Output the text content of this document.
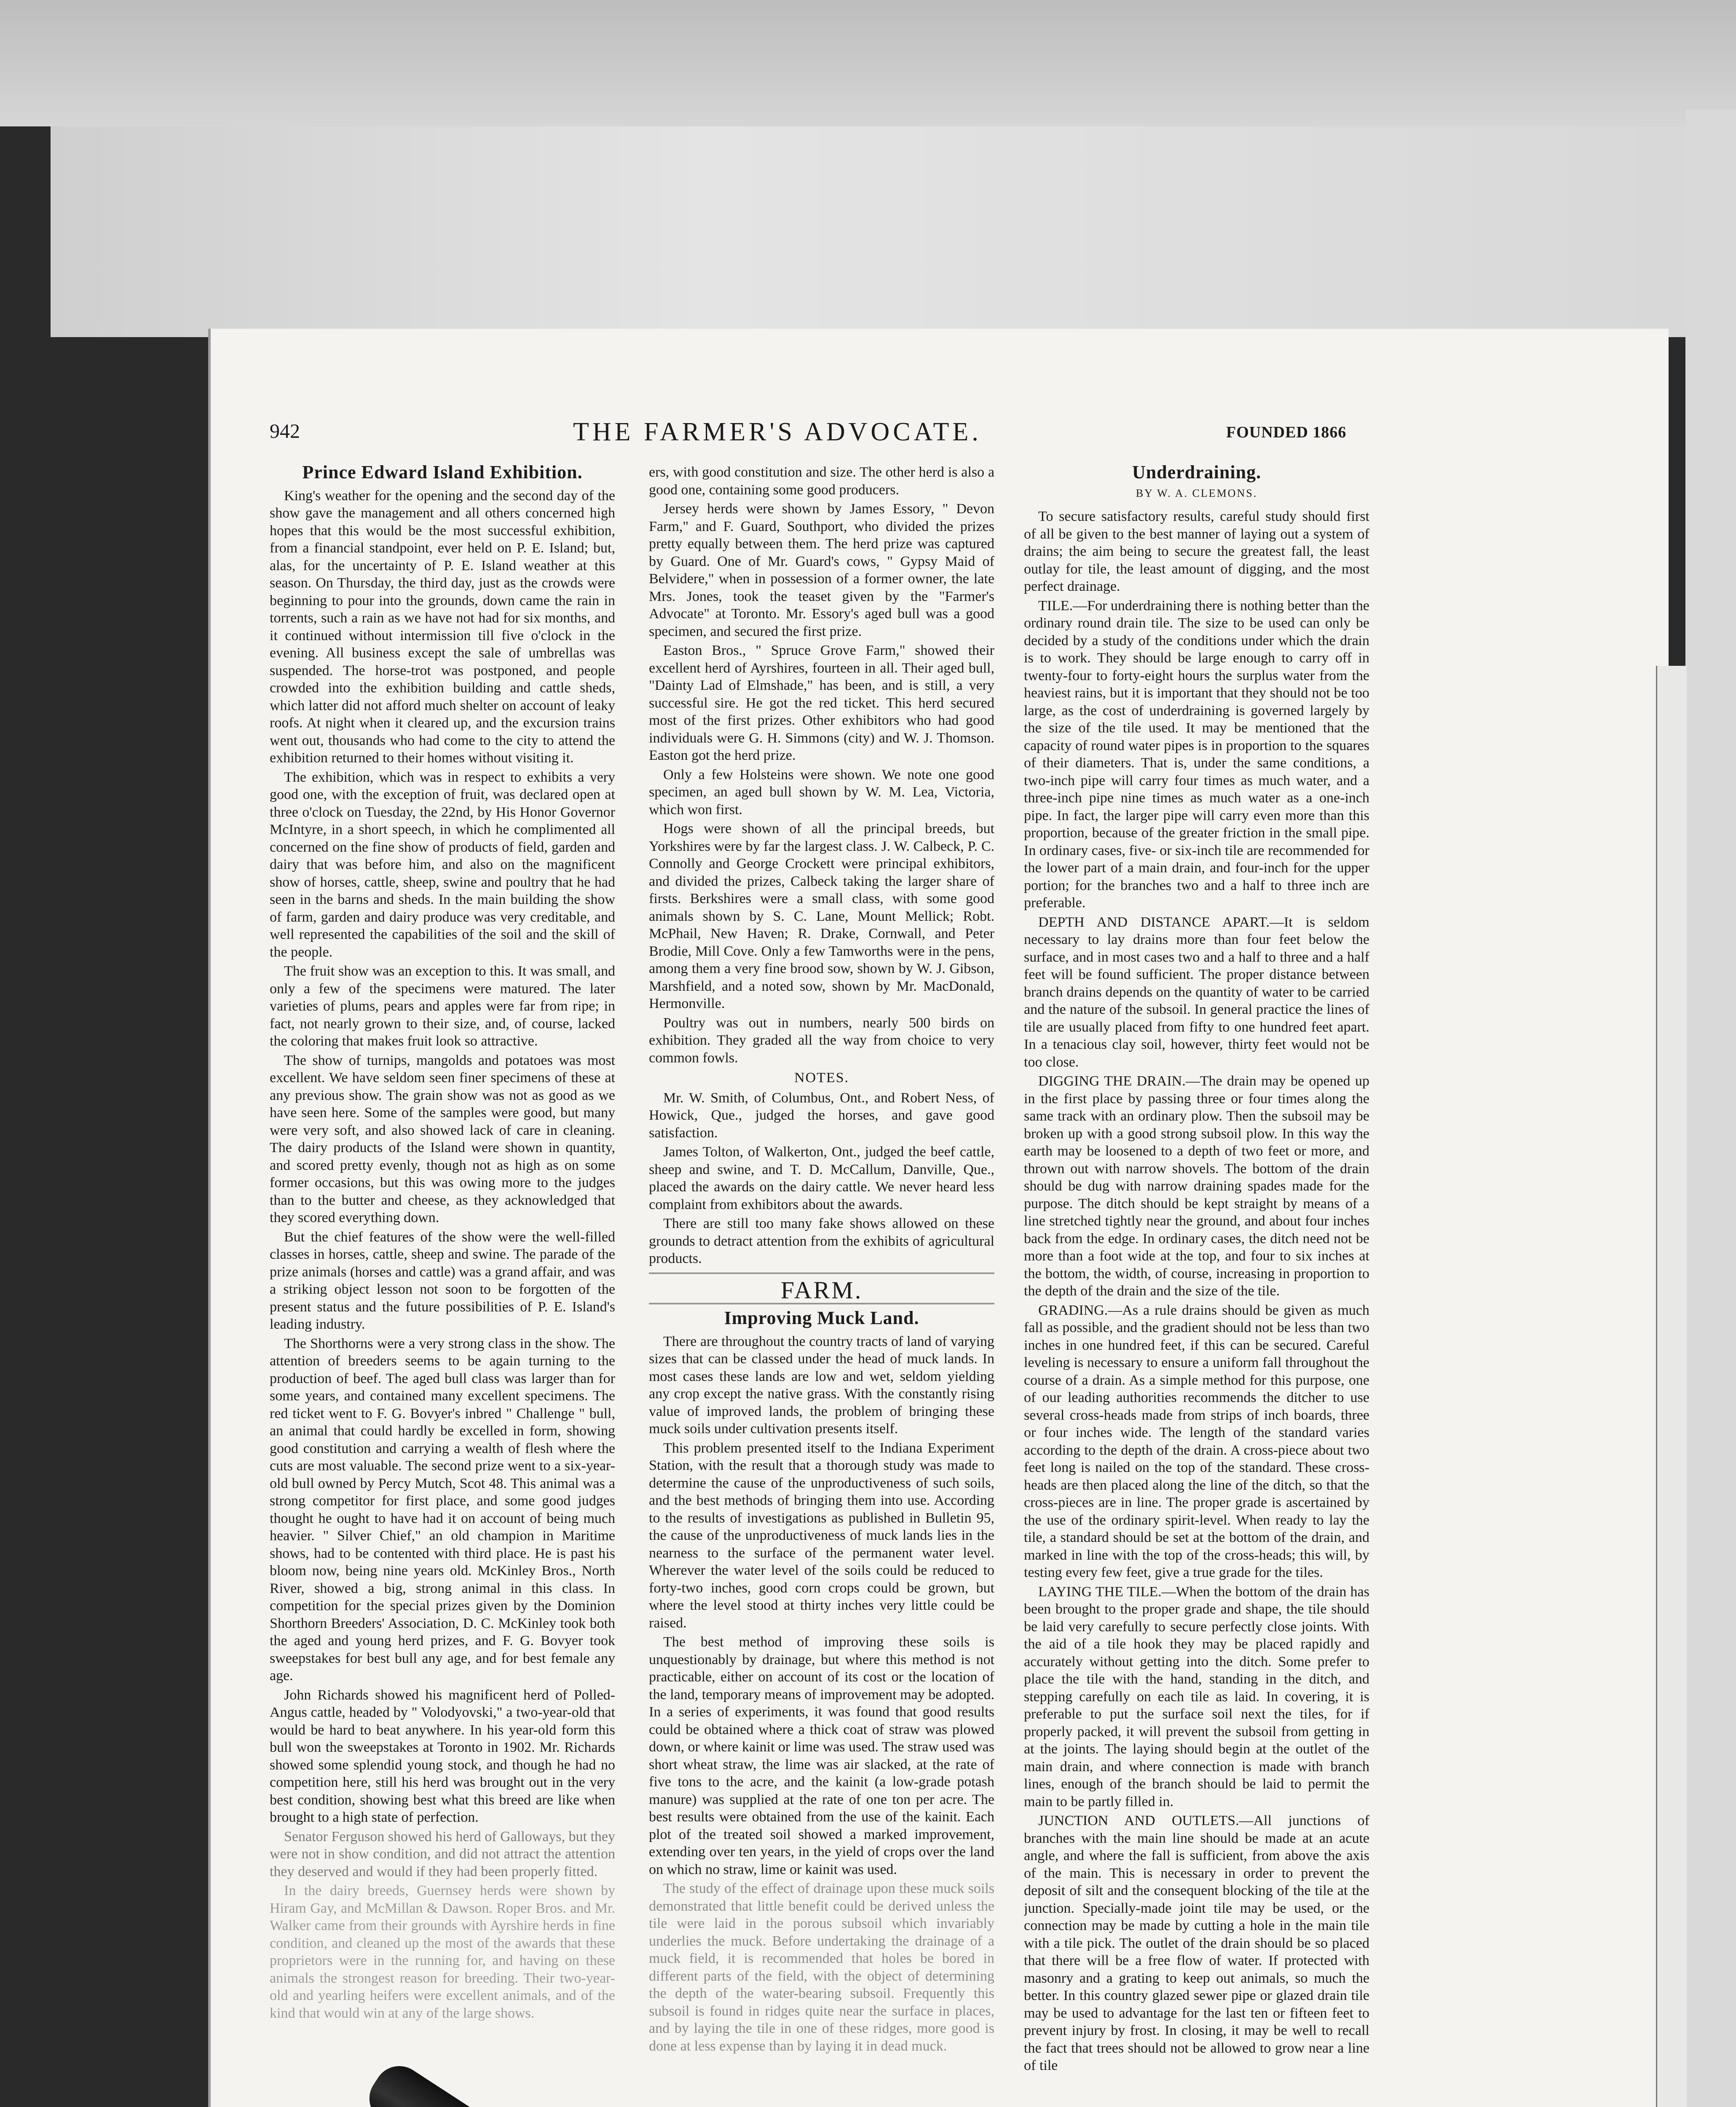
942	THE FARMER'S ADVOCATE.	FOUNDED 1866
Prince Edward Island Exhibition.

King's weather for the opening and the second day of the show gave the management and all others concerned high hopes that this would be the most successful exhibition, from a financial standpoint, ever held on P. E. Island; but, alas, for the uncertainty of P. E. Island weather at this season. On Thursday, the third day, just as the crowds were beginning to pour into the grounds, down came the rain in torrents, such a rain as we have not had for six months, and it continued without intermission till five o'clock in the evening. All business except the sale of umbrellas was suspended. The horse-trot was postponed, and people crowded into the exhibition building and cattle sheds, which latter did not afford much shelter on account of leaky roofs. At night when it cleared up, and the excursion trains went out, thousands who had come to the city to attend the exhibition returned to their homes without visiting it.

The exhibition, which was in respect to exhibits a very good one, with the exception of fruit, was declared open at three o'clock on Tuesday, the 22nd, by His Honor Governor McIntyre, in a short speech, in which he complimented all concerned on the fine show of products of field, garden and dairy that was before him, and also on the magnificent show of horses, cattle, sheep, swine and poultry that he had seen in the barns and sheds. In the main building the show of farm, garden and dairy produce was very creditable, and well represented the capabilities of the soil and the skill of the people.

The fruit show was an exception to this. It was small, and only a few of the specimens were matured. The later varieties of plums, pears and apples were far from ripe; in fact, not nearly grown to their size, and, of course, lacked the coloring that makes fruit look so attractive.

The show of turnips, mangolds and potatoes was most excellent. We have seldom seen finer specimens of these at any previous show. The grain show was not as good as we have seen here. Some of the samples were good, but many were very soft, and also showed lack of care in cleaning. The dairy products of the Island were shown in quantity, and scored pretty evenly, though not as high as on some former occasions, but this was owing more to the judges than to the butter and cheese, as they acknowledged that they scored everything down.

But the chief features of the show were the well-filled classes in horses, cattle, sheep and swine. The parade of the prize animals (horses and cattle) was a grand affair, and was a striking object lesson not soon to be forgotten of the present status and the future possibilities of P. E. Island's leading industry.

The Shorthorns were a very strong class in the show. The attention of breeders seems to be again turning to the production of beef. The aged bull class was larger than for some years, and contained many excellent specimens. The red ticket went to F. G. Bovyer's inbred " Challenge " bull, an animal that could hardly be excelled in form, showing good constitution and carrying a wealth of flesh where the cuts are most valuable. The second prize went to a six-year-old bull owned by Percy Mutch, Scot 48. This animal was a strong competitor for first place, and some good judges thought he ought to have had it on account of being much heavier. " Silver Chief," an old champion in Maritime shows, had to be contented with third place. He is past his bloom now, being nine years old. McKinley Bros., North River, showed a big, strong animal in this class. In competition for the special prizes given by the Dominion Shorthorn Breeders' Association, D. C. McKinley took both the aged and young herd prizes, and F. G. Bovyer took sweepstakes for best bull any age, and for best female any age.

John Richards showed his magnificent herd of Polled-Angus cattle, headed by " Volodyovski," a two-year-old that would be hard to beat anywhere. In his year-old form this bull won the sweepstakes at Toronto in 1902. Mr. Richards showed some splendid young stock, and though he had no competition here, still his herd was brought out in the very best condition, showing best what this breed are like when brought to a high state of perfection.

Senator Ferguson showed his herd of Galloways, but they were not in show condition, and did not attract the attention they deserved and would if they had been properly fitted.

In the dairy breeds, Guernsey herds were shown by Hiram Gay, and McMillan & Dawson. Roper Bros. and Mr. Walker came from their grounds with Ayrshire herds in fine condition, and cleaned up the most of the awards that these proprietors were in the running for, and having on these animals the strongest reason for breeding. Their two-year-old and yearling heifers were excellent animals, and of the kind that would win at any of the large shows.

ers, with good constitution and size. The other herd is also a good one, containing some good producers.

Jersey herds were shown by James Essory, " Devon Farm," and F. Guard, Southport, who divided the prizes pretty equally between them. The herd prize was captured by Guard. One of Mr. Guard's cows, " Gypsy Maid of Belvidere," when in possession of a former owner, the late Mrs. Jones, took the teaset given by the "Farmer's Advocate" at Toronto. Mr. Essory's aged bull was a good specimen, and secured the first prize.

Easton Bros., " Spruce Grove Farm," showed their excellent herd of Ayrshires, fourteen in all. Their aged bull, "Dainty Lad of Elmshade," has been, and is still, a very successful sire. He got the red ticket. This herd secured most of the first prizes. Other exhibitors who had good individuals were G. H. Simmons (city) and W. J. Thomson. Easton got the herd prize.

Only a few Holsteins were shown. We note one good specimen, an aged bull shown by W. M. Lea, Victoria, which won first.

Hogs were shown of all the principal breeds, but Yorkshires were by far the largest class. J. W. Calbeck, P. C. Connolly and George Crockett were principal exhibitors, and divided the prizes, Calbeck taking the larger share of firsts. Berkshires were a small class, with some good animals shown by S. C. Lane, Mount Mellick; Robt. McPhail, New Haven; R. Drake, Cornwall, and Peter Brodie, Mill Cove. Only a few Tamworths were in the pens, among them a very fine brood sow, shown by W. J. Gibson, Marshfield, and a noted sow, shown by Mr. MacDonald, Hermonville.

Poultry was out in numbers, nearly 500 birds on exhibition. They graded all the way from choice to very common fowls.

NOTES.

Mr. W. Smith, of Columbus, Ont., and Robert Ness, of Howick, Que., judged the horses, and gave good satisfaction.

James Tolton, of Walkerton, Ont., judged the beef cattle, sheep and swine, and T. D. McCallum, Danville, Que., placed the awards on the dairy cattle. We never heard less complaint from exhibitors about the awards.

There are still too many fake shows allowed on these grounds to detract attention from the exhibits of agricultural products.

FARM.
Improving Muck Land.

There are throughout the country tracts of land of varying sizes that can be classed under the head of muck lands. In most cases these lands are low and wet, seldom yielding any crop except the native grass. With the constantly rising value of improved lands, the problem of bringing these muck soils under cultivation presents itself.

This problem presented itself to the Indiana Experiment Station, with the result that a thorough study was made to determine the cause of the unproductiveness of such soils, and the best methods of bringing them into use. According to the results of investigations as published in Bulletin 95, the cause of the unproductiveness of muck lands lies in the nearness to the surface of the permanent water level. Wherever the water level of the soils could be reduced to forty-two inches, good corn crops could be grown, but where the level stood at thirty inches very little could be raised.

The best method of improving these soils is unquestionably by drainage, but where this method is not practicable, either on account of its cost or the location of the land, temporary means of improvement may be adopted. In a series of experiments, it was found that good results could be obtained where a thick coat of straw was plowed down, or where kainit or lime was used. The straw used was short wheat straw, the lime was air slacked, at the rate of five tons to the acre, and the kainit (a low-grade potash manure) was supplied at the rate of one ton per acre. The best results were obtained from the use of the kainit. Each plot of the treated soil showed a marked improvement, extending over ten years, in the yield of crops over the land on which no straw, lime or kainit was used.

The study of the effect of drainage upon these muck soils demonstrated that little benefit could be derived unless the tile were laid in the porous subsoil which invariably underlies the muck. Before undertaking the drainage of a muck field, it is recommended that holes be bored in different parts of the field, with the object of determining the depth of the water-bearing subsoil. Frequently this subsoil is found in ridges quite near the surface in places, and by laying the tile in one of these ridges, more good is done at less expense than by laying it in dead muck.

Underdraining.
BY W. A. CLEMONS.

To secure satisfactory results, careful study should first of all be given to the best manner of laying out a system of drains; the aim being to secure the greatest fall, the least outlay for tile, the least amount of digging, and the most perfect drainage.

TILE.—For underdraining there is nothing better than the ordinary round drain tile. The size to be used can only be decided by a study of the conditions under which the drain is to work. They should be large enough to carry off in twenty-four to forty-eight hours the surplus water from the heaviest rains, but it is important that they should not be too large, as the cost of underdraining is governed largely by the size of the tile used. It may be mentioned that the capacity of round water pipes is in proportion to the squares of their diameters. That is, under the same conditions, a two-inch pipe will carry four times as much water, and a three-inch pipe nine times as much water as a one-inch pipe. In fact, the larger pipe will carry even more than this proportion, because of the greater friction in the small pipe. In ordinary cases, five- or six-inch tile are recommended for the lower part of a main drain, and four-inch for the upper portion; for the branches two and a half to three inch are preferable.

DEPTH AND DISTANCE APART.—It is seldom necessary to lay drains more than four feet below the surface, and in most cases two and a half to three and a half feet will be found sufficient. The proper distance between branch drains depends on the quantity of water to be carried and the nature of the subsoil. In general practice the lines of tile are usually placed from fifty to one hundred feet apart. In a tenacious clay soil, however, thirty feet would not be too close.

DIGGING THE DRAIN.—The drain may be opened up in the first place by passing three or four times along the same track with an ordinary plow. Then the subsoil may be broken up with a good strong subsoil plow. In this way the earth may be loosened to a depth of two feet or more, and thrown out with narrow shovels. The bottom of the drain should be dug with narrow draining spades made for the purpose. The ditch should be kept straight by means of a line stretched tightly near the ground, and about four inches back from the edge. In ordinary cases, the ditch need not be more than a foot wide at the top, and four to six inches at the bottom, the width, of course, increasing in proportion to the depth of the drain and the size of the tile.

GRADING.—As a rule drains should be given as much fall as possible, and the gradient should not be less than two inches in one hundred feet, if this can be secured. Careful leveling is necessary to ensure a uniform fall throughout the course of a drain. As a simple method for this purpose, one of our leading authorities recommends the ditcher to use several cross-heads made from strips of inch boards, three or four inches wide. The length of the standard varies according to the depth of the drain. A cross-piece about two feet long is nailed on the top of the standard. These cross-heads are then placed along the line of the ditch, so that the cross-pieces are in line. The proper grade is ascertained by the use of the ordinary spirit-level. When ready to lay the tile, a standard should be set at the bottom of the drain, and marked in line with the top of the cross-heads; this will, by testing every few feet, give a true grade for the tiles.

LAYING THE TILE.—When the bottom of the drain has been brought to the proper grade and shape, the tile should be laid very carefully to secure perfectly close joints. With the aid of a tile hook they may be placed rapidly and accurately without getting into the ditch. Some prefer to place the tile with the hand, standing in the ditch, and stepping carefully on each tile as laid. In covering, it is preferable to put the surface soil next the tiles, for if properly packed, it will prevent the subsoil from getting in at the joints. The laying should begin at the outlet of the main drain, and where connection is made with branch lines, enough of the branch should be laid to permit the main to be partly filled in.

JUNCTION AND OUTLETS.—All junctions of branches with the main line should be made at an acute angle, and where the fall is sufficient, from above the axis of the main. This is necessary in order to prevent the deposit of silt and the consequent blocking of the tile at the junction. Specially-made joint tile may be used, or the connection may be made by cutting a hole in the main tile with a tile pick. The outlet of the drain should be so placed that there will be a free flow of water. If protected with masonry and a grating to keep out animals, so much the better. In this country glazed sewer pipe or glazed drain tile may be used to advantage for the last ten or fifteen feet to prevent injury by frost. In closing, it may be well to recall the fact that trees should not be allowed to grow near a line of tile
